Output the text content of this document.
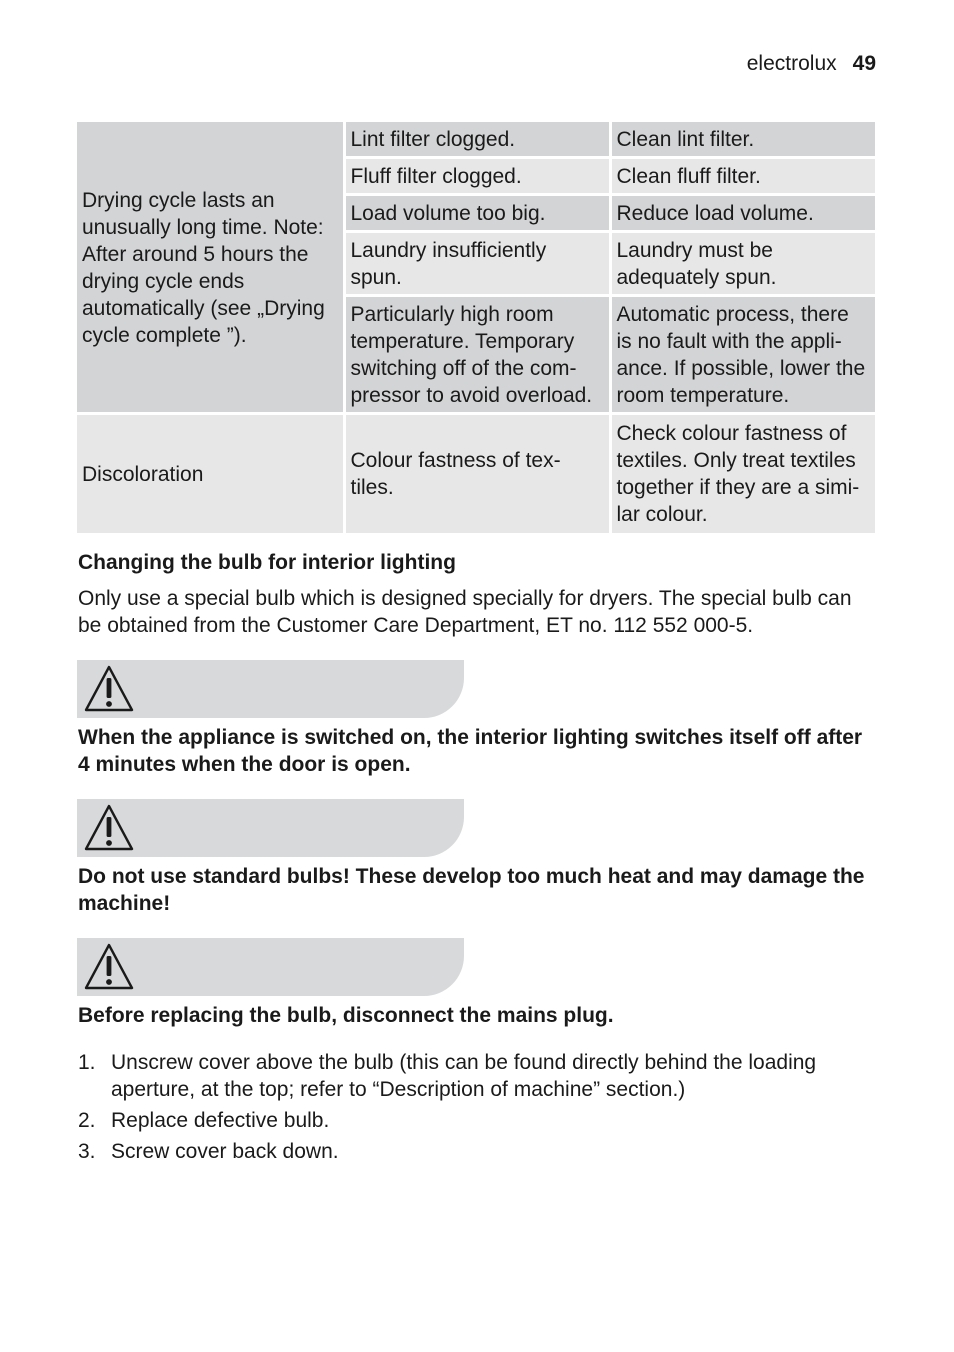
electrolux 49
Drying cycle lasts an unusually long time. Note: After around 5 hours the drying cycle ends automatically (see „Drying cycle complete ”).	Lint filter clogged.	Clean lint filter.
	Fluff filter clogged.	Clean fluff filter.
	Load volume too big.	Reduce load volume.
	Laundry insufficiently spun.	Laundry must be adequately spun.
	Particularly high room temperature. Temporary switching off of the com-pressor to avoid overload.	Automatic process, there is no fault with the appli-ance. If possible, lower the room temperature.
Discoloration	Colour fastness of tex-tiles.	Check colour fastness of textiles. Only treat textiles together if they are a simi-lar colour.
Changing the bulb for interior lighting

Only use a special bulb which is designed specially for dryers. The special bulb can be obtained from the Customer Care Department, ET no. 112 552 000-5.

When the appliance is switched on, the interior lighting switches itself off after 4 minutes when the door is open.

Do not use standard bulbs! These develop too much heat and may damage the machine!

Before replacing the bulb, disconnect the mains plug.

1. Unscrew cover above the bulb (this can be found directly behind the loading aperture, at the top; refer to “Description of machine” section.)
2. Replace defective bulb.
3. Screw cover back down.
